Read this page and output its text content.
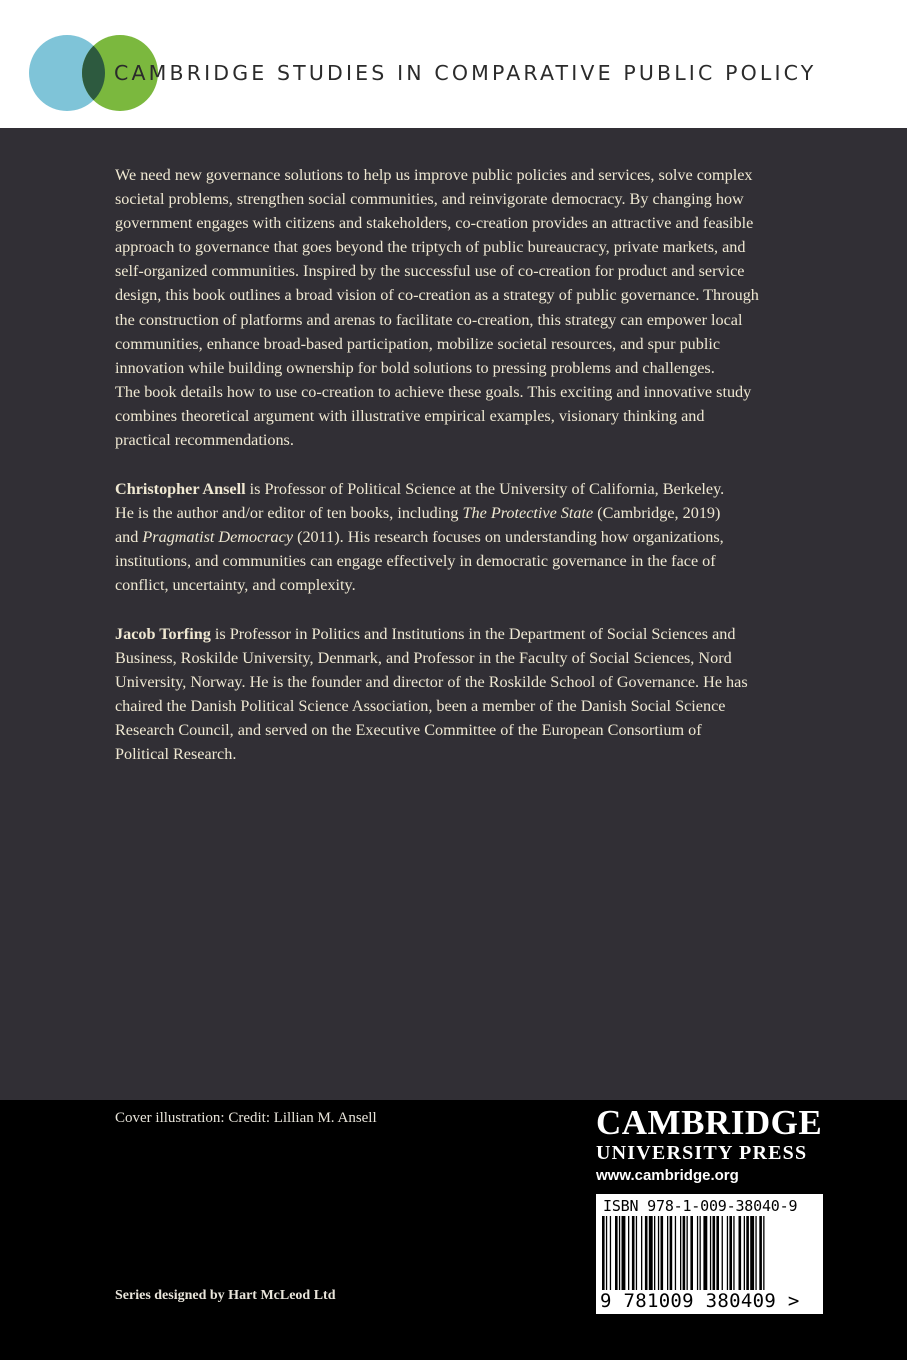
CAMBRIDGE STUDIES IN COMPARATIVE PUBLIC POLICY
We need new governance solutions to help us improve public policies and services, solve complex
societal problems, strengthen social communities, and reinvigorate democracy. By changing how
government engages with citizens and stakeholders, co-creation provides an attractive and feasible
approach to governance that goes beyond the triptych of public bureaucracy, private markets, and
self-organized communities. Inspired by the successful use of co-creation for product and service
design, this book outlines a broad vision of co-creation as a strategy of public governance. Through
the construction of platforms and arenas to facilitate co-creation, this strategy can empower local
communities, enhance broad-based participation, mobilize societal resources, and spur public
innovation while building ownership for bold solutions to pressing problems and challenges.
The book details how to use co-creation to achieve these goals. This exciting and innovative study
combines theoretical argument with illustrative empirical examples, visionary thinking and
practical recommendations.
Christopher Ansell is Professor of Political Science at the University of California, Berkeley.
He is the author and/or editor of ten books, including The Protective State (Cambridge, 2019)
and Pragmatist Democracy (2011). His research focuses on understanding how organizations,
institutions, and communities can engage effectively in democratic governance in the face of
conflict, uncertainty, and complexity.
Jacob Torfing is Professor in Politics and Institutions in the Department of Social Sciences and
Business, Roskilde University, Denmark, and Professor in the Faculty of Social Sciences, Nord
University, Norway. He is the founder and director of the Roskilde School of Governance. He has
chaired the Danish Political Science Association, been a member of the Danish Social Science
Research Council, and served on the Executive Committee of the European Consortium of
Political Research.
Cover illustration: Credit: Lillian M. Ansell
Series designed by Hart McLeod Ltd
CAMBRIDGE
UNIVERSITY PRESS
www.cambridge.org
ISBN 978-1-009-38040-9
9 781009 380409 >
